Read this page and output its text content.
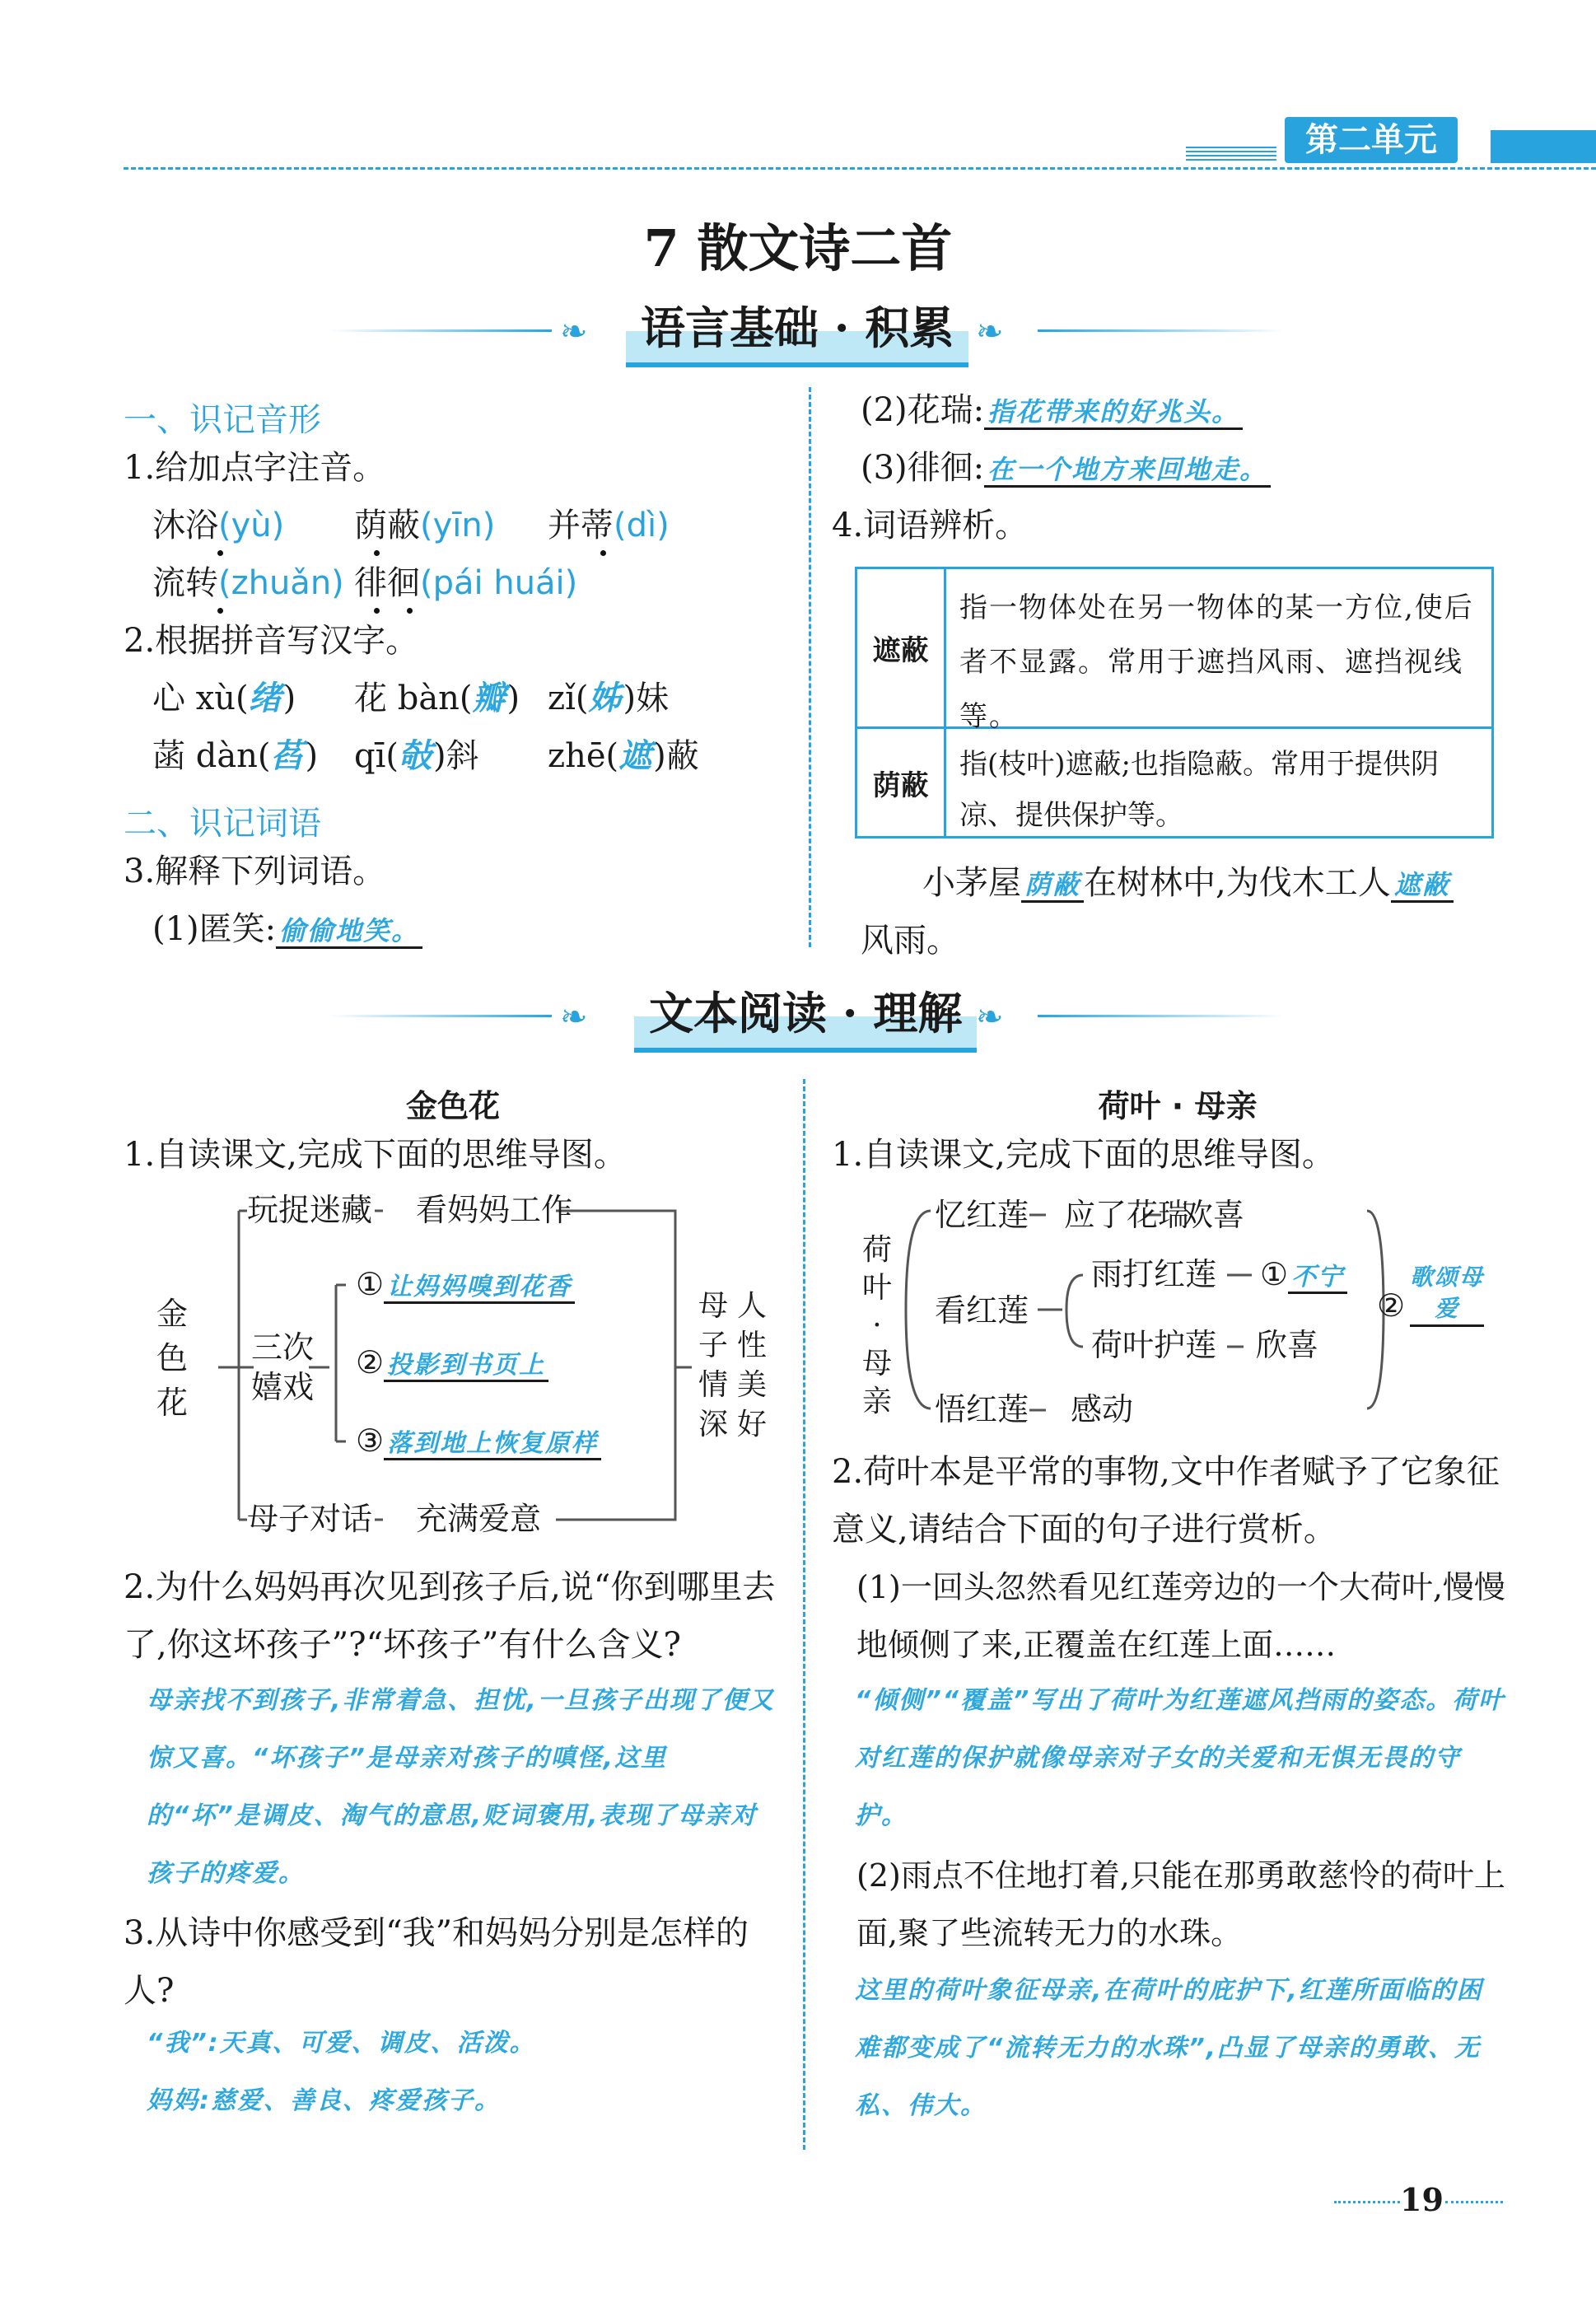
第二单元
7 散文诗二首
❧	语言基础 · 积累 ❧
一、识记音形
1.给加点字注音。
沐浴(yù) 荫蔽(yīn) 并蒂(dì)
流转(zhuǎn) 徘徊(pái huái)
2.根据拼音写汉字。
心 xù(绪) 花 bàn(瓣) zǐ(姊)妹
菡 dàn(萏) qī(敧)斜 zhē(遮)蔽
二、识记词语
3.解释下列词语。
(1)匿笑: 偷偷地笑。
(2)花瑞: 指花带来的好兆头。
(3)徘徊: 在一个地方来回地走。
4.词语辨析。
遮蔽
指一物体处在另一物体的某一方位,使后者不显露。常用于遮挡风雨、遮挡视线等。
荫蔽
指(枝叶)遮蔽;也指隐蔽。常用于提供阴凉、提供保护等。
小茅屋 荫蔽 在树林中,为伐木工人 遮蔽
风雨。
❧	文本阅读 · 理解 ❧
金色花
1.自读课文,完成下面的思维导图。
金色花
玩捉迷藏 看妈妈工作
三次嬉戏
① 让妈妈嗅到花香
② 投影到书页上
③ 落到地上恢复原样
母子对话 充满爱意
母子情深
人性美好
2.为什么妈妈再次见到孩子后,说“你到哪里去了,你这坏孩子”?“坏孩子”有什么含义?
母亲找不到孩子,非常着急、担忧,一旦孩子出现了便又惊又喜。“坏孩子”是母亲对孩子的嗔怪,这里的“坏”是调皮、淘气的意思,贬词褒用,表现了母亲对孩子的疼爱。
3.从诗中你感受到“我”和妈妈分别是怎样的人?
“我”:天真、可爱、调皮、活泼。
妈妈:慈爱、善良、疼爱孩子。
荷叶 · 母亲
1.自读课文,完成下面的思维导图。
荷叶·母亲
忆红莲 应了花瑞
欢喜
看红莲
雨打红莲 ① 不宁
荷叶护莲 欣喜
②
歌颂母爱
悟红莲 感动
2.荷叶本是平常的事物,文中作者赋予了它象征意义,请结合下面的句子进行赏析。
(1)一回头忽然看见红莲旁边的一个大荷叶,慢慢地倾侧了来,正覆盖在红莲上面……
“倾侧”“覆盖”写出了荷叶为红莲遮风挡雨的姿态。荷叶对红莲的保护就像母亲对子女的关爱和无惧无畏的守护。
(2)雨点不住地打着,只能在那勇敢慈怜的荷叶上面,聚了些流转无力的水珠。
这里的荷叶象征母亲,在荷叶的庇护下,红莲所面临的困难都变成了“流转无力的水珠”,凸显了母亲的勇敢、无私、伟大。
19
